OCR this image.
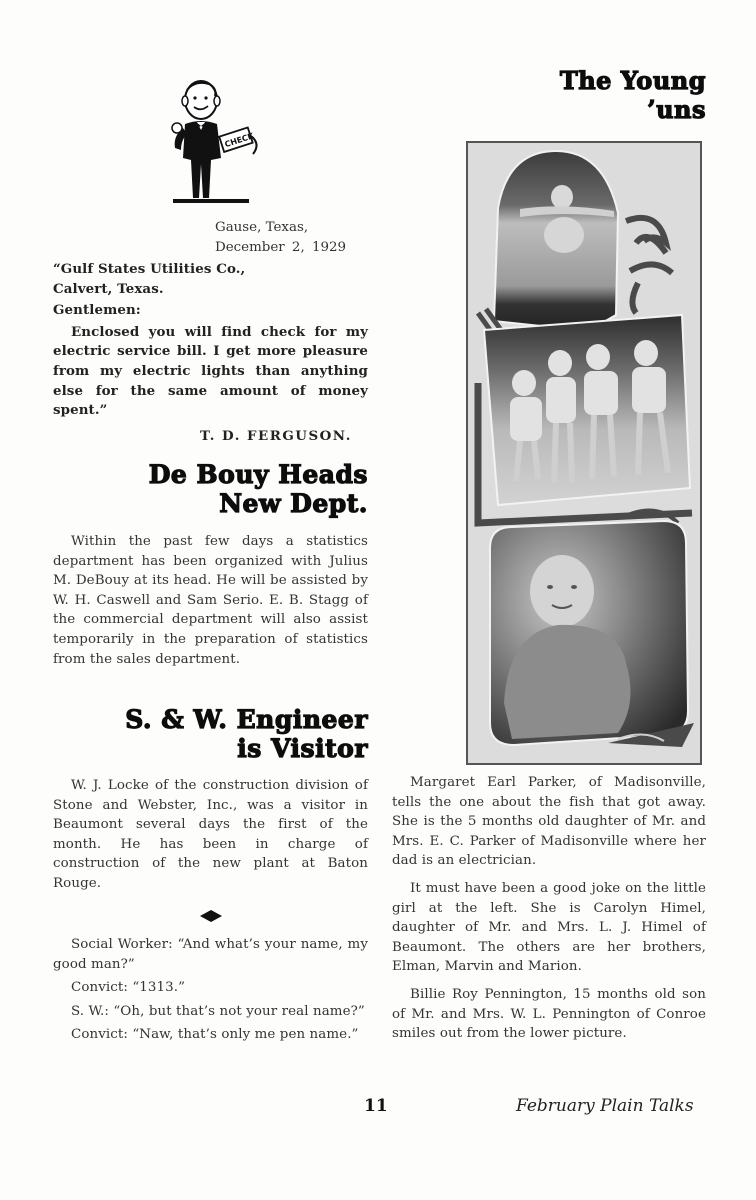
CHECK
Gause, Texas,
December 2, 1929
“Gulf States Utilities Co.,
Calvert, Texas.
Gentlemen:

Enclosed you will find check for my electric service bill. I get more pleasure from my electric lights than anything else for the same amount of money spent.”

T. D. FERGUSON.
De Bouy Heads
New Dept.

Within the past few days a statistics department has been organized with Julius M. DeBouy at its head. He will be assisted by W. H. Caswell and Sam Serio. E. B. Stagg of the commercial department will also assist temporarily in the preparation of statistics from the sales department.

S. & W. Engineer
is Visitor

W. J. Locke of the construction division of Stone and Webster, Inc., was a visitor in Beaumont several days the first of the month. He has been in charge of construction of the new plant at Baton Rouge.

Social Worker: “And what’s your name, my good man?”

Convict: “1313.”

S. W.: “Oh, but that’s not your real name?”

Convict: “Naw, that’s only me pen name.”

The Young
’uns

Margaret Earl Parker, of Madisonville, tells the one about the fish that got away. She is the 5 months old daughter of Mr. and Mrs. E. C. Parker of Madisonville where her dad is an electrician.

It must have been a good joke on the little girl at the left. She is Carolyn Himel, daughter of Mr. and Mrs. L. J. Himel of Beaumont. The others are her brothers, Elman, Marvin and Marion.

Billie Roy Pennington, 15 months old son of Mr. and Mrs. W. L. Pennington of Conroe smiles out from the lower picture.

11	February Plain Talks
